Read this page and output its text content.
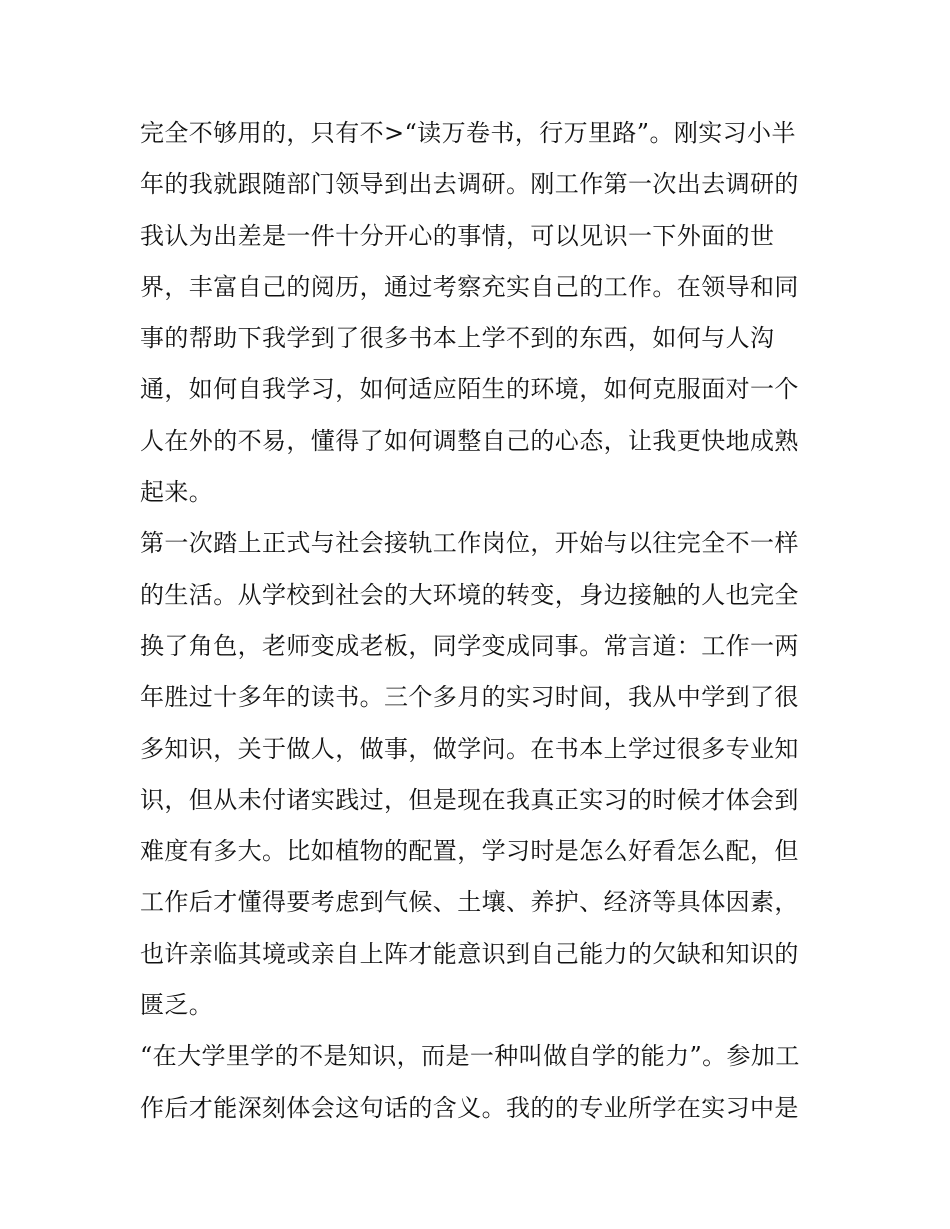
完全不够用的，只有不>“读万卷书，行万里路”。刚实习小半
年的我就跟随部门领导到出去调研。刚工作第一次出去调研的
我认为出差是一件十分开心的事情，可以见识一下外面的世
界，丰富自己的阅历，通过考察充实自己的工作。在领导和同
事的帮助下我学到了很多书本上学不到的东西，如何与人沟
通，如何自我学习，如何适应陌生的环境，如何克服面对一个
人在外的不易，懂得了如何调整自己的心态，让我更快地成熟
起来。
第一次踏上正式与社会接轨工作岗位，开始与以往完全不一样
的生活。从学校到社会的大环境的转变，身边接触的人也完全
换了角色，老师变成老板，同学变成同事。常言道：工作一两
年胜过十多年的读书。三个多月的实习时间，我从中学到了很
多知识，关于做人，做事，做学问。在书本上学过很多专业知
识，但从未付诸实践过，但是现在我真正实习的时候才体会到
难度有多大。比如植物的配置，学习时是怎么好看怎么配，但
工作后才懂得要考虑到气候、土壤、养护、经济等具体因素，
也许亲临其境或亲自上阵才能意识到自己能力的欠缺和知识的
匮乏。
“在大学里学的不是知识，而是一种叫做自学的能力”。参加工
作后才能深刻体会这句话的含义。我的的专业所学在实习中是
